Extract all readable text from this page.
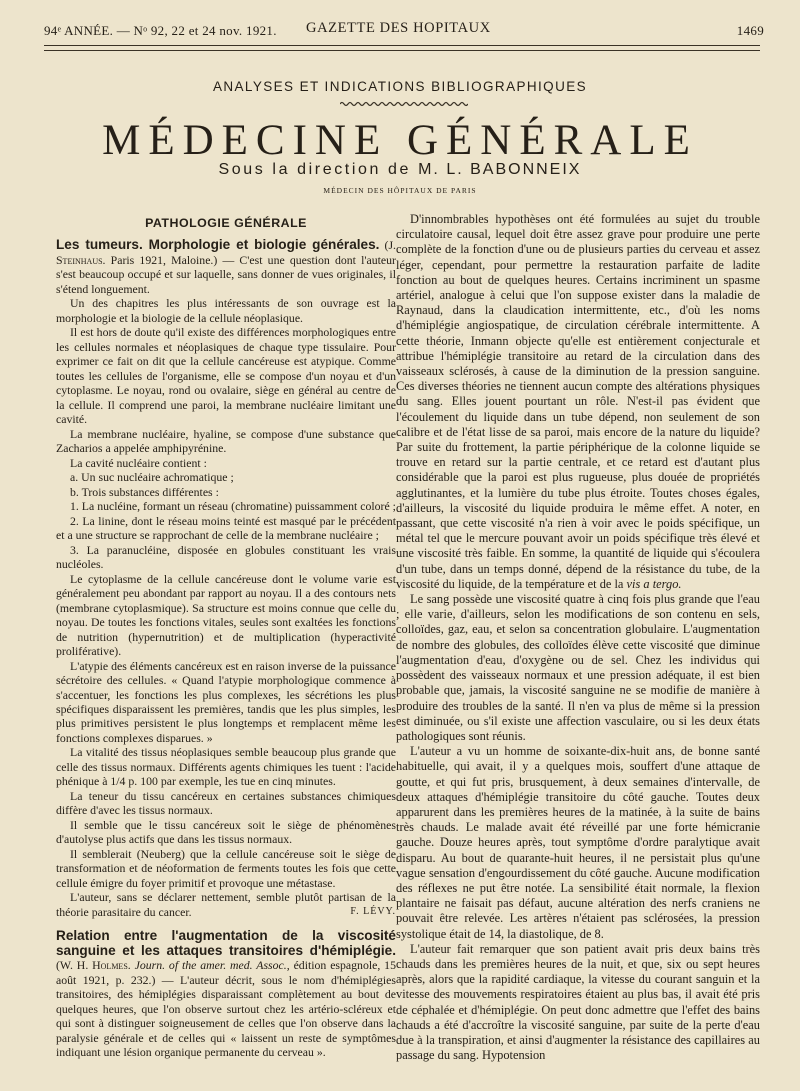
94ᵉ ANNÉE. — Nᵒ 92, 22 et 24 nov. 1921. GAZETTE DES HOPITAUX	1469
ANALYSES ET INDICATIONS BIBLIOGRAPHIQUES
MÉDECINE GÉNÉRALE
Sous la direction de M. L. BABONNEIX
MÉDECIN DES HÔPITAUX DE PARIS
PATHOLOGIE GÉNÉRALE

Les tumeurs. Morphologie et biologie générales. (J. Steinhaus. Paris 1921, Maloine.) — C'est une question dont l'auteur s'est beaucoup occupé et sur laquelle, sans donner de vues originales, il s'étend longuement.

Un des chapitres les plus intéressants de son ouvrage est la morphologie et la biologie de la cellule néoplasique.

Il est hors de doute qu'il existe des différences morphologiques entre les cellules normales et néoplasiques de chaque type tissulaire. Pour exprimer ce fait on dit que la cellule cancéreuse est atypique. Comme toutes les cellules de l'organisme, elle se compose d'un noyau et d'un cytoplasme. Le noyau, rond ou ovalaire, siège en général au centre de la cellule. Il comprend une paroi, la membrane nucléaire limitant une cavité.

La membrane nucléaire, hyaline, se compose d'une substance que Zacharios a appelée amphipyrénine.

La cavité nucléaire contient :

a. Un suc nucléaire achromatique ;

b. Trois substances différentes :

1. La nucléine, formant un réseau (chromatine) puissamment coloré ;

2. La linine, dont le réseau moins teinté est masqué par le précédent et a une structure se rapprochant de celle de la membrane nucléaire ;

3. La paranucléine, disposée en globules constituant les vrais nucléoles.

Le cytoplasme de la cellule cancéreuse dont le volume varie est généralement peu abondant par rapport au noyau. Il a des contours nets (membrane cytoplasmique). Sa structure est moins connue que celle du noyau. De toutes les fonctions vitales, seules sont exaltées les fonctions de nutrition (hypernutrition) et de multiplication (hyperactivité proliférative).

L'atypie des éléments cancéreux est en raison inverse de la puissance sécrétoire des cellules. « Quand l'atypie morphologique commence à s'accentuer, les fonctions les plus complexes, les sécrétions les plus spécifiques disparaissent les premières, tandis que les plus simples, les plus primitives persistent le plus longtemps et remplacent même les fonctions complexes disparues. »

La vitalité des tissus néoplasiques semble beaucoup plus grande que celle des tissus normaux. Différents agents chimiques les tuent : l'acide phénique à 1/4 p. 100 par exemple, les tue en cinq minutes.

La teneur du tissu cancéreux en certaines substances chimiques diffère d'avec les tissus normaux.

Il semble que le tissu cancéreux soit le siège de phénomènes d'autolyse plus actifs que dans les tissus normaux.

Il semblerait (Neuberg) que la cellule cancéreuse soit le siège de transformation et de néoformation de ferments toutes les fois que cette cellule émigre du foyer primitif et provoque une métastase.

L'auteur, sans se déclarer nettement, semble plutôt partisan de la théorie parasitaire du cancer.	F. LÉVY.

Relation entre l'augmentation de la viscosité sanguine et les attaques transitoires d'hémiplégie. (W. H. Holmes. Journ. of the amer. med. Assoc., édition espagnole, 15 août 1921, p. 232.) — L'auteur décrit, sous le nom d'hémiplégies transitoires, des hémiplégies disparaissant complètement au bout de quelques heures, que l'on observe surtout chez les artério-scléreux et qui sont à distinguer soigneusement de celles que l'on observe dans la paralysie générale et de celles qui « laissent un reste de symptômes indiquant une lésion organique permanente du cerveau ».

D'innombrables hypothèses ont été formulées au sujet du trouble circulatoire causal, lequel doit être assez grave pour produire une perte complète de la fonction d'une ou de plusieurs parties du cerveau et assez léger, cependant, pour permettre la restauration parfaite de ladite fonction au bout de quelques heures. Certains incriminent un spasme artériel, analogue à celui que l'on suppose exister dans la maladie de Raynaud, dans la claudication intermittente, etc., d'où les noms d'hémiplégie angiospatique, de circulation cérébrale intermittente. A cette théorie, Inmann objecte qu'elle est entièrement conjecturale et attribue l'hémiplégie transitoire au retard de la circulation dans des vaisseaux sclérosés, à cause de la diminution de la pression sanguine. Ces diverses théories ne tiennent aucun compte des altérations physiques du sang. Elles jouent pourtant un rôle. N'est-il pas évident que l'écoulement du liquide dans un tube dépend, non seulement de son calibre et de l'état lisse de sa paroi, mais encore de la nature du liquide? Par suite du frottement, la partie périphérique de la colonne liquide se trouve en retard sur la partie centrale, et ce retard est d'autant plus considérable que la paroi est plus rugueuse, plus douée de propriétés agglutinantes, et la lumière du tube plus étroite. Toutes choses égales, d'ailleurs, la viscosité du liquide produira le même effet. A noter, en passant, que cette viscosité n'a rien à voir avec le poids spécifique, un métal tel que le mercure pouvant avoir un poids spécifique très élevé et une viscosité très faible. En somme, la quantité de liquide qui s'écoulera d'un tube, dans un temps donné, dépend de la résistance du tube, de la viscosité du liquide, de la température et de la vis a tergo.

Le sang possède une viscosité quatre à cinq fois plus grande que l'eau ; elle varie, d'ailleurs, selon les modifications de son contenu en sels, colloïdes, gaz, eau, et selon sa concentration globulaire. L'augmentation de nombre des globules, des colloïdes élève cette viscosité que diminue l'augmentation d'eau, d'oxygène ou de sel. Chez les individus qui possèdent des vaisseaux normaux et une pression adéquate, il est bien probable que, jamais, la viscosité sanguine ne se modifie de manière à produire des troubles de la santé. Il n'en va plus de même si la pression est diminuée, ou s'il existe une affection vasculaire, ou si les deux états pathologiques sont réunis.

L'auteur a vu un homme de soixante-dix-huit ans, de bonne santé habituelle, qui avait, il y a quelques mois, souffert d'une attaque de goutte, et qui fut pris, brusquement, à deux semaines d'intervalle, de deux attaques d'hémiplégie transitoire du côté gauche. Toutes deux apparurent dans les premières heures de la matinée, à la suite de bains très chauds. Le malade avait été réveillé par une forte hémicranie gauche. Douze heures après, tout symptôme d'ordre paralytique avait disparu. Au bout de quarante-huit heures, il ne persistait plus qu'une vague sensation d'engourdissement du côté gauche. Aucune modification des réflexes ne put être notée. La sensibilité était normale, la flexion plantaire ne faisait pas défaut, aucune altération des nerfs craniens ne pouvait être relevée. Les artères n'étaient pas sclérosées, la pression systolique était de 14, la diastolique, de 8.

L'auteur fait remarquer que son patient avait pris deux bains très chauds dans les premières heures de la nuit, et que, six ou sept heures après, alors que la rapidité cardiaque, la vitesse du courant sanguin et la vitesse des mouvements respiratoires étaient au plus bas, il avait été pris de céphalée et d'hémiplégie. On peut donc admettre que l'effet des bains chauds a été d'accroître la viscosité sanguine, par suite de la perte d'eau due à la transpiration, et ainsi d'augmenter la résistance des capillaires au passage du sang. Hypotension
